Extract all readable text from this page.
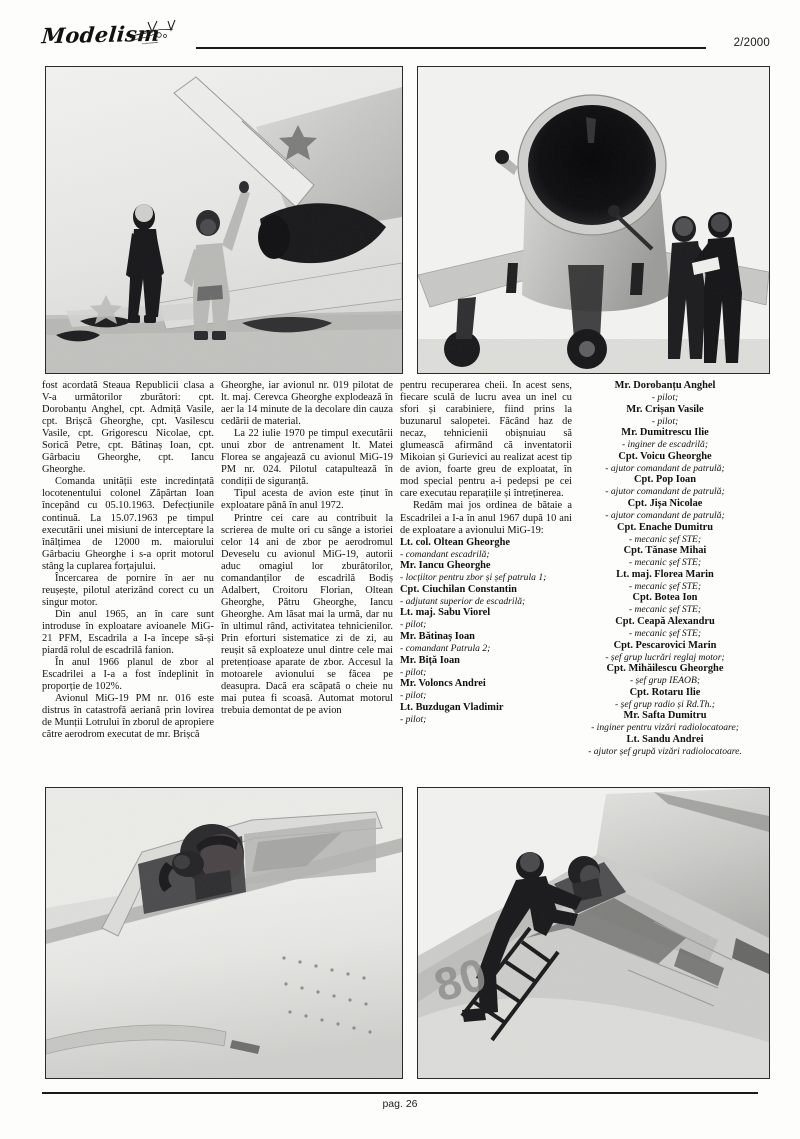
Modelism	2/2000

fost acordată Steaua Republicii clasa a V-a următorilor zburători: cpt. Dorobanțu Anghel, cpt. Admiță Vasile, cpt. Brișcă Gheorghe, cpt. Vasilescu Vasile, cpt. Grigorescu Nicolae, cpt. Sorică Petre, cpt. Bătinaș Ioan, cpt. Gârbaciu Gheorghe, cpt. Iancu Gheorghe.

Comanda unității este incredințată locotenentului colonel Zăpârtan Ioan începând cu 05.10.1963. Defecțiunile continuă. La 15.07.1963 pe timpul executării unei misiuni de interceptare la înălțimea de 12000 m. maiorului Gârbaciu Gheorghe i s-a oprit motorul stâng la cuplarea forțajului.

Încercarea de pornire în aer nu reușește, pilotul aterizând corect cu un singur motor.

Din anul 1965, an în care sunt introduse în exploatare avioanele MiG-21 PFM, Escadrila a I-a începe să-și piardă rolul de escadrilă fanion.

În anul 1966 planul de zbor al Escadrilei a I-a a fost îndeplinit în proporție de 102%.

Avionul MiG-19 PM nr. 016 este distrus în catastrofă aeriană prin lovirea de Munții Lotrului în zborul de apropiere către aerodrom executat de mr. Brișcă

Gheorghe, iar avionul nr. 019 pilotat de lt. maj. Cerevca Gheorghe explodează în aer la 14 minute de la decolare din cauza cedării de material.

La 22 iulie 1970 pe timpul executării unui zbor de antrenament lt. Matei Florea se angajează cu avionul MiG-19 PM nr. 024. Pilotul catapultează în condiții de siguranță.

Tipul acesta de avion este ținut în exploatare până în anul 1972.

Printre cei care au contribuit la scrierea de multe ori cu sânge a istoriei celor 14 ani de zbor pe aerodromul Deveselu cu avionul MiG-19, autorii aduc omagiul lor zburătorilor, comandanților de escadrilă Bodiș Adalbert, Croitoru Florian, Oltean Gheorghe, Pătru Gheorghe, Iancu Gheorghe. Am lăsat mai la urmă, dar nu în ultimul rând, activitatea tehnicienilor. Prin eforturi sistematice zi de zi, au reușit să exploateze unul dintre cele mai pretențioase aparate de zbor. Accesul la motoarele avionului se făcea pe deasupra. Dacă era scăpată o cheie nu mai putea fi scoasă. Automat motorul trebuia demontat de pe avion

pentru recuperarea cheii. În acest sens, fiecare sculă de lucru avea un inel cu sfori și carabiniere, fiind prins la buzunarul salopetei. Făcând haz de necaz, tehnicienii obișnuiau să glumească afirmând că inventatorii Mikoian și Gurievici au realizat acest tip de avion, foarte greu de exploatat, în mod special pentru a-i pedepsi pe cei care executau reparațiile și întreținerea.

Redăm mai jos ordinea de bătaie a Escadrilei a I-a în anul 1967 după 10 ani de exploatare a avionului MiG-19:

Lt. col. Oltean Gheorghe

- comandant escadrilă;

Mr. Iancu Gheorghe

- locțiitor pentru zbor și șef patrula 1;

Cpt. Ciuchilan Constantin

- adjutant superior de escadrilă;

Lt. maj. Sabu Viorel

- pilot;

Mr. Bătinaș Ioan

- comandant Patrula 2;

Mr. Biță Ioan

- pilot;

Mr. Voloncs Andrei

- pilot;

Lt. Buzdugan Vladimir

- pilot;

Mr. Dorobanțu Anghel

- pilot;

Mr. Crișan Vasile

- pilot;

Mr. Dumitrescu Ilie

- inginer de escadrilă;

Cpt. Voicu Gheorghe

- ajutor comandant de patrulă;

Cpt. Pop Ioan

- ajutor comandant de patrulă;

Cpt. Jișa Nicolae

- ajutor comandant de patrulă;

Cpt. Enache Dumitru

- mecanic șef STE;

Cpt. Tănase Mihai

- mecanic șef STE;

Lt. maj. Florea Marin

- mecanic șef STE;

Cpt. Botea Ion

- mecanic șef STE;

Cpt. Ceapă Alexandru

- mecanic șef STE;

Cpt. Pescarovici Marin

- șef grup lucrări reglaj motor;

Cpt. Mihăilescu Gheorghe

- șef grup IEAOB;

Cpt. Rotaru Ilie

- șef grup radio și Rd.Th.;

Mr. Safta Dumitru

- inginer pentru vizări radiolocatoare;

Lt. Sandu Andrei

- ajutor șef grupă vizări radiolocatoare.

pag. 26
